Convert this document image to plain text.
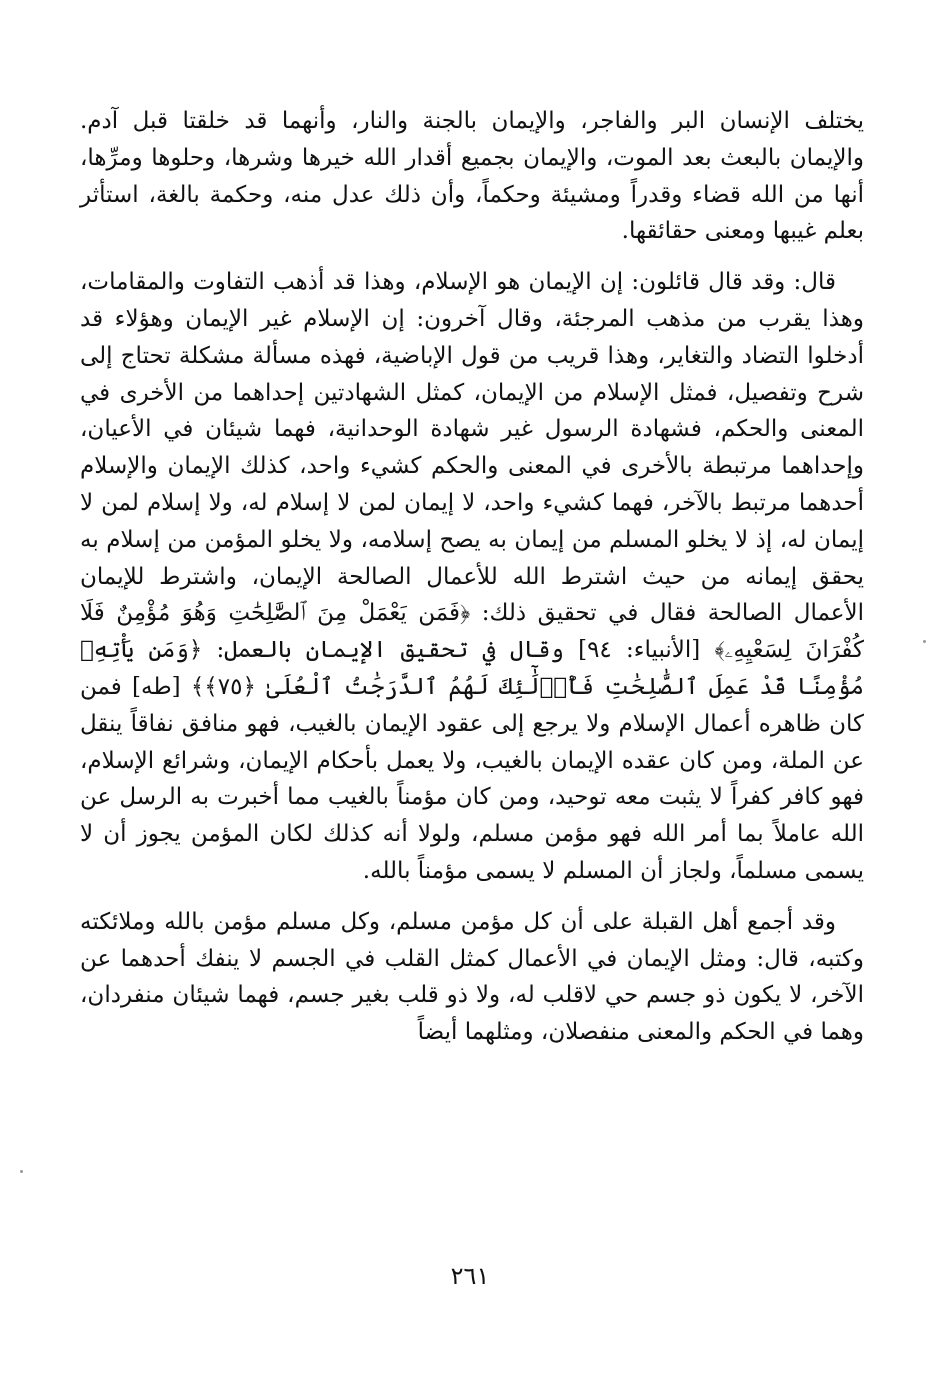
يختلف الإنسان البر والفاجر، والإيمان بالجنة والنار، وأنهما قد خلقتا قبل آدم. والإيمان بالبعث بعد الموت، والإيمان بجميع أقدار الله خيرها وشرها، وحلوها ومرِّها، أنها من الله قضاء وقدراً ومشيئة وحكماً، وأن ذلك عدل منه، وحكمة بالغة، استأثر بعلم غيبها ومعنى حقائقها.

قال: وقد قال قائلون: إن الإيمان هو الإسلام، وهذا قد أذهب التفاوت والمقامات، وهذا يقرب من مذهب المرجئة، وقال آخرون: إن الإسلام غير الإيمان وهؤلاء قد أدخلوا التضاد والتغاير، وهذا قريب من قول الإباضية، فهذه مسألة مشكلة تحتاج إلى شرح وتفصيل، فمثل الإسلام من الإيمان، كمثل الشهادتين إحداهما من الأخرى في المعنى والحكم، فشهادة الرسول غير شهادة الوحدانية، فهما شيئان في الأعيان، وإحداهما مرتبطة بالأخرى في المعنى والحكم كشيء واحد، كذلك الإيمان والإسلام أحدهما مرتبط بالآخر، فهما كشيء واحد، لا إيمان لمن لا إسلام له، ولا إسلام لمن لا إيمان له، إذ لا يخلو المسلم من إيمان به يصح إسلامه، ولا يخلو المؤمن من إسلام به يحقق إيمانه من حيث اشترط الله للأعمال الصالحة الإيمان، واشترط للإيمان الأعمال الصالحة فقال في تحقيق ذلك: ﴿فَمَن يَعْمَلْ مِنَ ٱلصَّٰلِحَٰتِ وَهُوَ مُؤْمِنٌ فَلَا كُفْرَانَ لِسَعْيِهِۦ﴾ [الأنبياء: ٩٤] وقال في تحقيق الإيمان بالعمل: ﴿وَمَن يَأْتِهِۦ مُؤْمِنًا قَدْ عَمِلَ ٱلصَّٰلِحَٰتِ فَأُو۟لَٰٓئِكَ لَهُمُ ٱلدَّرَجَٰتُ ٱلْعُلَىٰ ﴿٧٥﴾﴾ [طه] فمن كان ظاهره أعمال الإسلام ولا يرجع إلى عقود الإيمان بالغيب، فهو منافق نفاقاً ينقل عن الملة، ومن كان عقده الإيمان بالغيب، ولا يعمل بأحكام الإيمان، وشرائع الإسلام، فهو كافر كفراً لا يثبت معه توحيد، ومن كان مؤمناً بالغيب مما أخبرت به الرسل عن الله عاملاً بما أمر الله فهو مؤمن مسلم، ولولا أنه كذلك لكان المؤمن يجوز أن لا يسمى مسلماً، ولجاز أن المسلم لا يسمى مؤمناً بالله.

وقد أجمع أهل القبلة على أن كل مؤمن مسلم، وكل مسلم مؤمن بالله وملائكته وكتبه، قال: ومثل الإيمان في الأعمال كمثل القلب في الجسم لا ينفك أحدهما عن الآخر، لا يكون ذو جسم حي لاقلب له، ولا ذو قلب بغير جسم، فهما شيئان منفردان، وهما في الحكم والمعنى منفصلان، ومثلهما أيضاً

٢٦١
